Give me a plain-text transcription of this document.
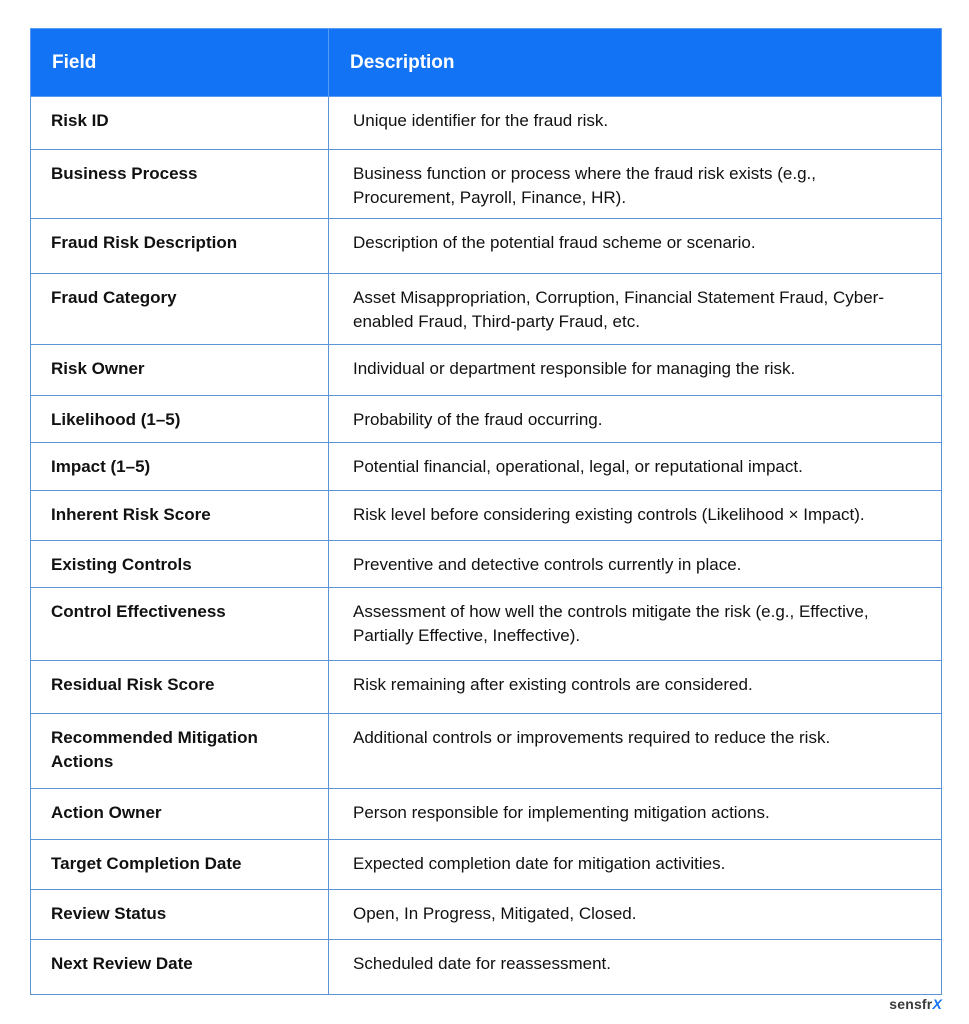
Field	Description
Risk ID	Unique identifier for the fraud risk.
Business Process	Business function or process where the fraud risk exists (e.g., Procurement, Payroll, Finance, HR).
Fraud Risk Description	Description of the potential fraud scheme or scenario.
Fraud Category	Asset Misappropriation, Corruption, Financial Statement Fraud, Cyber-enabled Fraud, Third-party Fraud, etc.
Risk Owner	Individual or department responsible for managing the risk.
Likelihood (1–5)	Probability of the fraud occurring.
Impact (1–5)	Potential financial, operational, legal, or reputational impact.
Inherent Risk Score	Risk level before considering existing controls (Likelihood × Impact).
Existing Controls	Preventive and detective controls currently in place.
Control Effectiveness	Assessment of how well the controls mitigate the risk (e.g., Effective, Partially Effective, Ineffective).
Residual Risk Score	Risk remaining after existing controls are considered.
Recommended Mitigation Actions	Additional controls or improvements required to reduce the risk.
Action Owner	Person responsible for implementing mitigation actions.
Target Completion Date	Expected completion date for mitigation activities.
Review Status	Open, In Progress, Mitigated, Closed.
Next Review Date	Scheduled date for reassessment.
sensfrX
